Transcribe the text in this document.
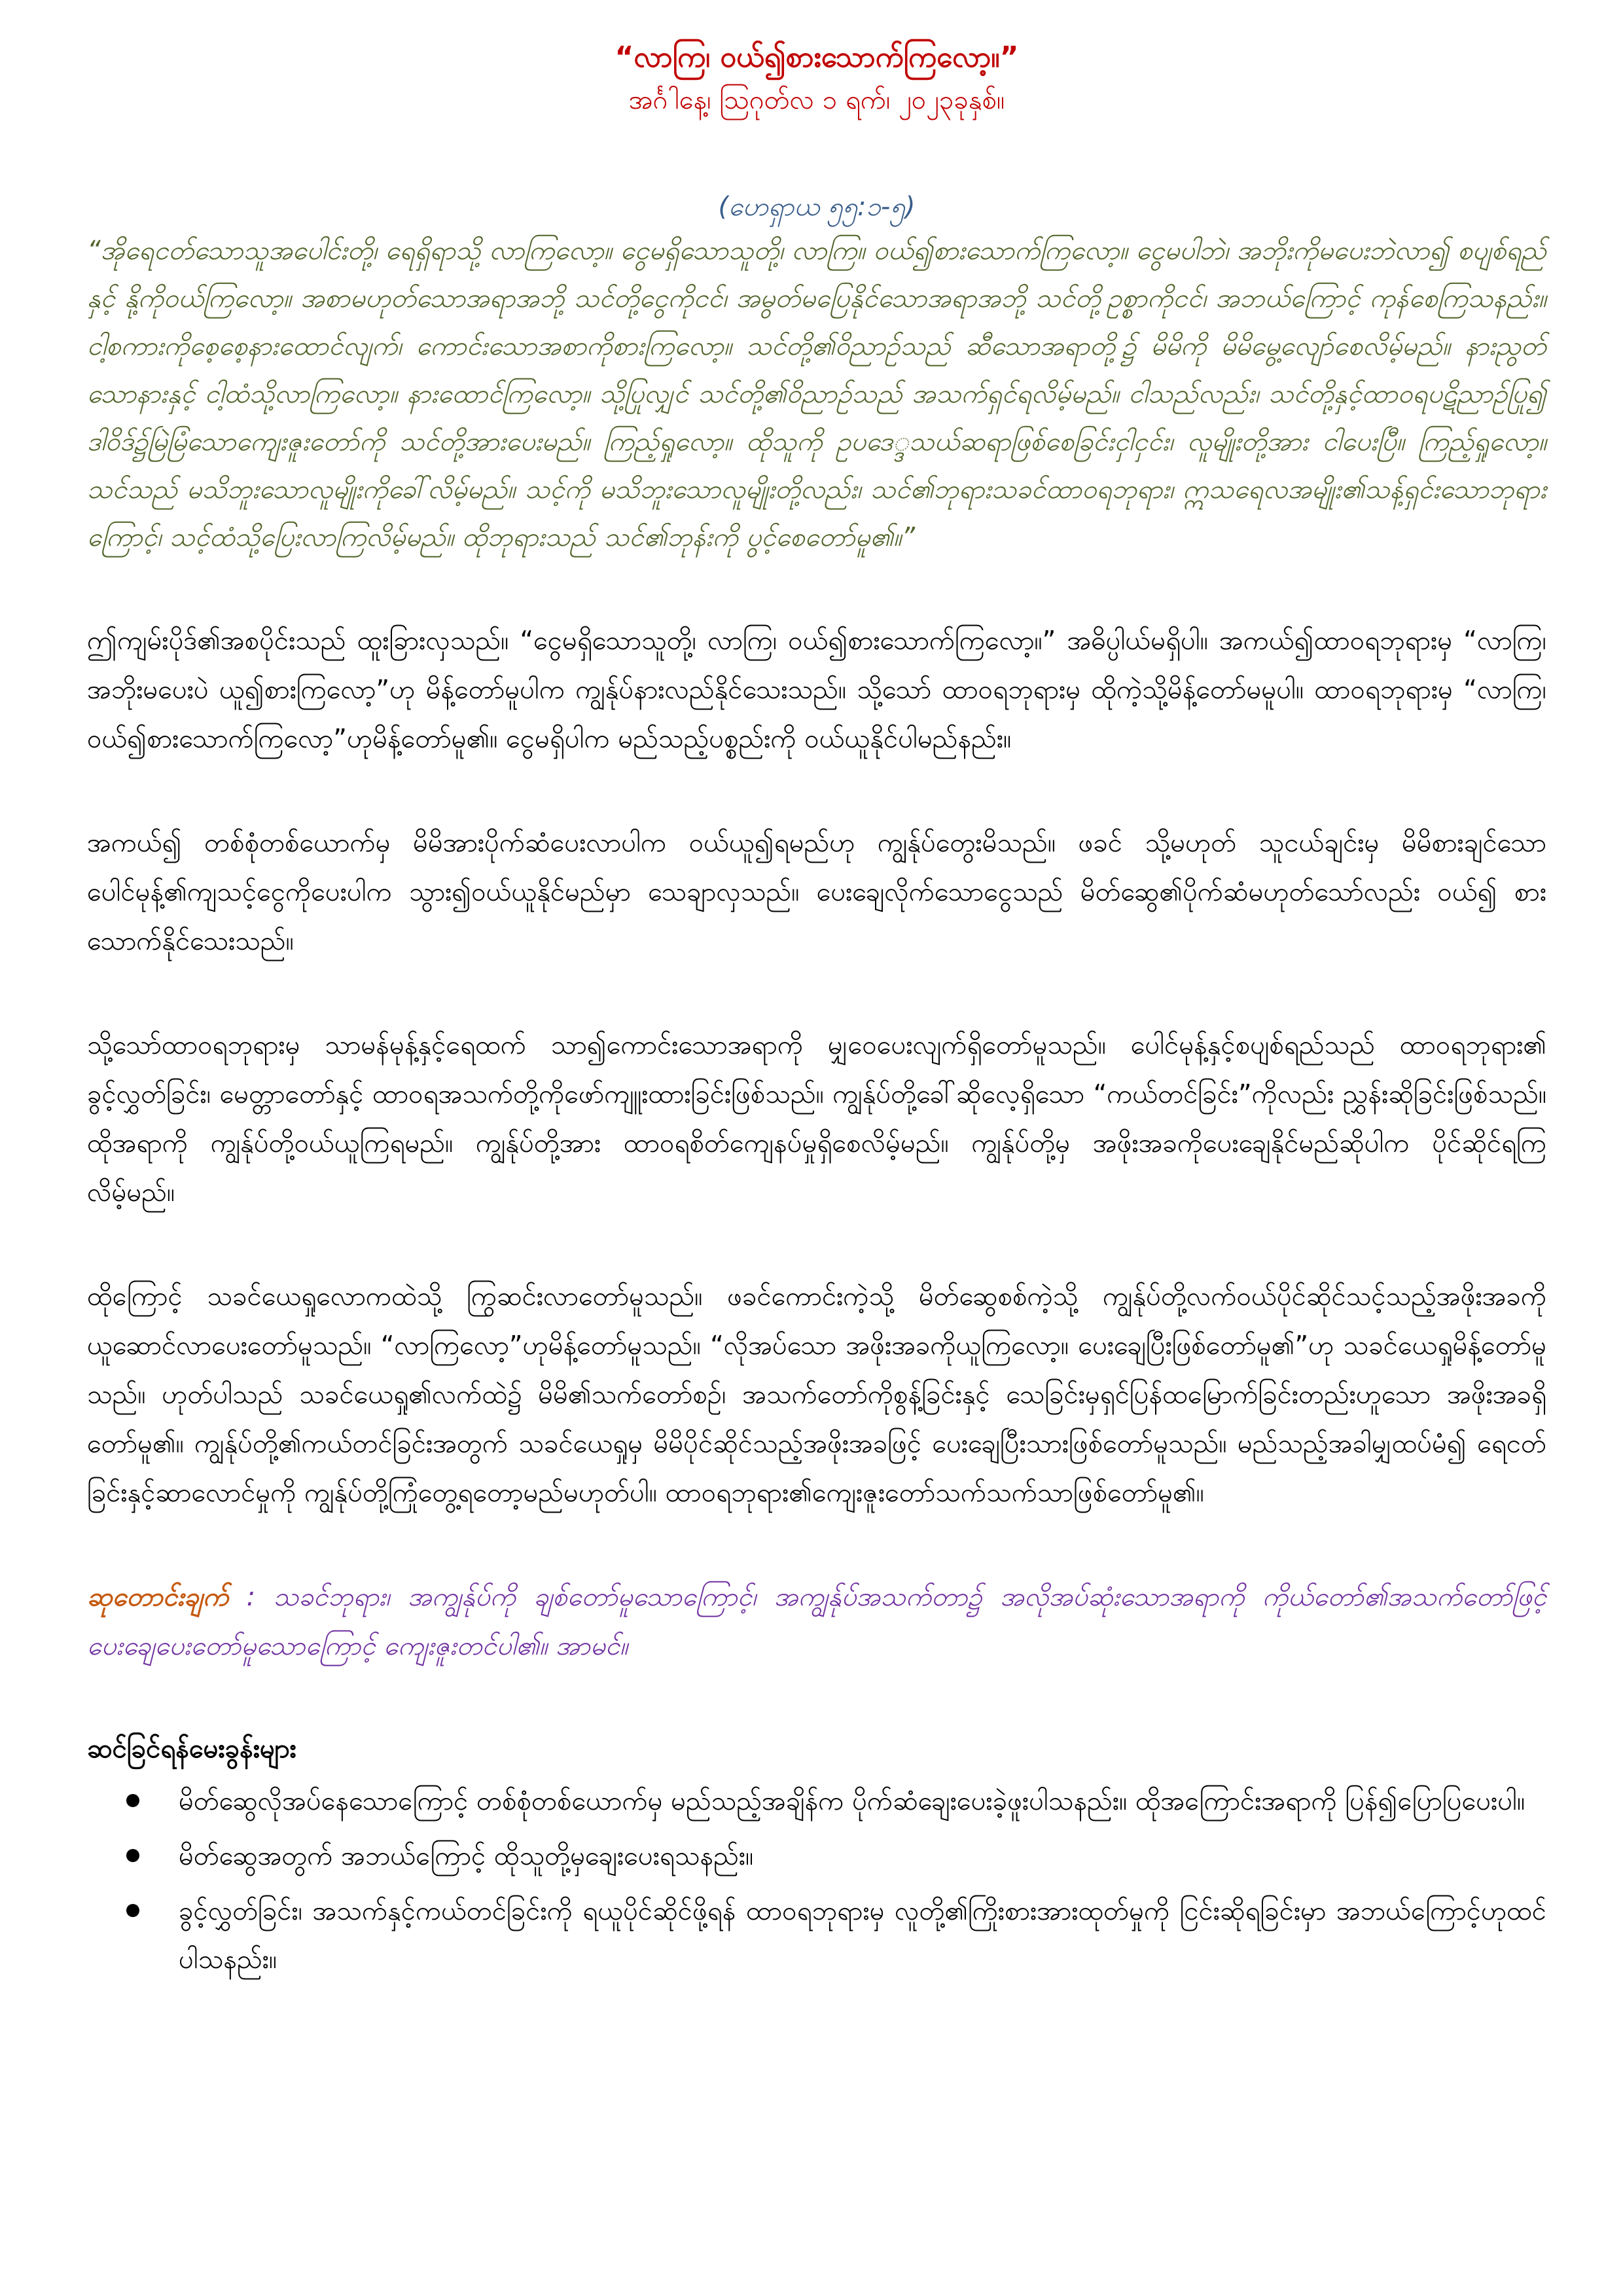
“လာကြ၊ ဝယ်၍စားသောက်ကြလော့။”

အင်္ဂါနေ့၊ ဩဂုတ်လ ၁ ရက်၊ ၂၀၂၃ခုနှစ်။

(ဟေရှာယ ၅၅:၁-၅)

“အိုရေငတ်သောသူအပေါင်းတို့၊ ရေရှိရာသို့ လာကြလော့။ ငွေမရှိသောသူတို့၊ လာကြ။ ဝယ်၍စားသောက်ကြလော့။ ငွေမပါဘဲ၊ အဘိုးကိုမပေးဘဲလာ၍ စပျစ်ရည်နှင့် နို့ကိုဝယ်ကြလော့။ အစာမဟုတ်သောအရာအဘို့ သင်တို့ငွေကိုငင်၊ အမွတ်မပြေနိုင်သောအရာအဘို့ သင်တို့ဥစ္စာကိုငင်၊ အဘယ်ကြောင့် ကုန်စေကြသနည်း။ ငါ့စကားကိုစေ့စေ့နားထောင်လျက်၊ ကောင်းသောအစာကိုစားကြလော့။ သင်တို့၏ဝိညာဉ်သည် ဆီသောအရာတို့၌ မိမိကို မိမိမွေ့လျော်စေလိမ့်မည်။ နားညွတ်သောနားနှင့် ငါ့ထံသို့လာကြလော့။ နားထောင်ကြလော့။ သို့ပြုလျှင် သင်တို့၏ဝိညာဉ်သည် အသက်ရှင်ရလိမ့်မည်။ ငါသည်လည်း၊ သင်တို့နှင့်ထာဝရပဋိညာဉ်ပြု၍ ဒါဝိဒ်၌မြဲမြံသောကျေးဇူးတော်ကို သင်တို့အားပေးမည်။ ကြည့်ရှုလော့။ ထိုသူကို ဥပဒေ္ဒသယ်ဆရာဖြစ်စေခြင်းငှါငှင်း၊ လူမျိုးတို့အား ငါပေးပြီ။ ကြည့်ရှုလော့။ သင်သည် မသိဘူးသောလူမျိုးကိုခေါ်လိမ့်မည်။ သင့်ကို မသိဘူးသောလူမျိုးတို့လည်း၊ သင်၏ဘုရားသခင်ထာဝရဘုရား၊ ဣသရေလအမျိုး၏သန့်ရှင်းသောဘုရားကြောင့်၊ သင့်ထံသို့ပြေးလာကြလိမ့်မည်။ ထိုဘုရားသည် သင်၏ဘုန်းကို ပွင့်စေတော်မူ၏။”

ဤကျမ်းပိုဒ်၏အစပိုင်းသည် ထူးခြားလှသည်။ “ငွေမရှိသောသူတို့၊ လာကြ၊ ဝယ်၍စားသောက်ကြလော့။” အဓိပ္ပါယ်မရှိပါ။ အကယ်၍ထာဝရဘုရားမှ “လာကြ၊ အဘိုးမပေးပဲ ယူ၍စားကြလော့”ဟု မိန့်တော်မူပါက ကျွန်ုပ်နားလည်နိုင်သေးသည်။ သို့သော် ထာဝရဘုရားမှ ထိုကဲ့သို့မိန့်တော်မမူပါ။ ထာဝရဘုရားမှ “လာကြ၊ ဝယ်၍စားသောက်ကြလော့”ဟုမိန့်တော်မူ၏။ ငွေမရှိပါက မည်သည့်ပစ္စည်းကို ဝယ်ယူနိုင်ပါမည်နည်း။

အကယ်၍ တစ်စုံတစ်ယောက်မှ မိမိအားပိုက်ဆံပေးလာပါက ဝယ်ယူ၍ရမည်ဟု ကျွန်ုပ်တွေးမိသည်။ ဖခင် သို့မဟုတ် သူငယ်ချင်းမှ မိမိစားချင်သော ပေါင်မုန့်၏ကျသင့်ငွေကိုပေးပါက သွား၍ဝယ်ယူနိုင်မည်မှာ သေချာလှသည်။ ပေးချေလိုက်သောငွေသည် မိတ်ဆွေ၏ပိုက်ဆံမဟုတ်သော်လည်း ဝယ်၍ စားသောက်နိုင်သေးသည်။

သို့သော်ထာဝရဘုရားမှ သာမန်မုန့်နှင့်ရေထက် သာ၍ကောင်းသောအရာကို မျှဝေပေးလျက်ရှိတော်မူသည်။ ပေါင်မုန့်နှင့်စပျစ်ရည်သည် ထာဝရဘုရား၏ ခွင့်လွှတ်ခြင်း၊ မေတ္တာတော်နှင့် ထာဝရအသက်တို့ကိုဖော်ကျူးထားခြင်းဖြစ်သည်။ ကျွန်ုပ်တို့ခေါ်ဆိုလေ့ရှိသော “ကယ်တင်ခြင်း”ကိုလည်း ညွှန်းဆိုခြင်းဖြစ်သည်။ ထိုအရာကို ကျွန်ုပ်တို့ဝယ်ယူကြရမည်။ ကျွန်ုပ်တို့အား ထာဝရစိတ်ကျေနပ်မှုရှိစေလိမ့်မည်။ ကျွန်ုပ်တို့မှ အဖိုးအခကိုပေးချေနိုင်မည်ဆိုပါက ပိုင်ဆိုင်ရကြလိမ့်မည်။

ထိုကြောင့် သခင်ယေရှုလောကထဲသို့ ကြွဆင်းလာတော်မူသည်။ ဖခင်ကောင်းကဲ့သို့ မိတ်ဆွေစစ်ကဲ့သို့ ကျွန်ုပ်တို့လက်ဝယ်ပိုင်ဆိုင်သင့်သည့်အဖိုးအခကို ယူဆောင်လာပေးတော်မူသည်။ “လာကြလော့”ဟုမိန့်တော်မူသည်။ “လိုအပ်သော အဖိုးအခကိုယူကြလော့။ ပေးချေပြီးဖြစ်တော်မူ၏”ဟု သခင်ယေရှုမိန့်တော်မူသည်။ ဟုတ်ပါသည် သခင်ယေရှု၏လက်ထဲ၌ မိမိ၏သက်တော်စဉ်၊ အသက်တော်ကိုစွန့်ခြင်းနှင့် သေခြင်းမှရှင်ပြန်ထမြောက်ခြင်းတည်းဟူသော အဖိုးအခရှိတော်မူ၏။ ကျွန်ုပ်တို့၏ကယ်တင်ခြင်းအတွက် သခင်ယေရှုမှ မိမိပိုင်ဆိုင်သည့်အဖိုးအခဖြင့် ပေးချေပြီးသားဖြစ်တော်မူသည်။ မည်သည့်အခါမျှထပ်မံ၍ ရေငတ်ခြင်းနှင့်ဆာလောင်မှုကို ကျွန်ုပ်တို့ကြုံတွေ့ရတော့မည်မဟုတ်ပါ။ ထာဝရဘုရား၏ကျေးဇူးတော်သက်သက်သာဖြစ်တော်မူ၏။

ဆုတောင်းချက် : သခင်ဘုရား၊ အကျွန်ုပ်ကို ချစ်တော်မူသောကြောင့်၊ အကျွန်ုပ်အသက်တာ၌ အလိုအပ်ဆုံးသောအရာကို ကိုယ်တော်၏အသက်တော်ဖြင့် ပေးချေပေးတော်မူသောကြောင့် ကျေးဇူးတင်ပါ၏။ အာမင်။

ဆင်ခြင်ရန်မေးခွန်းများ
မိတ်ဆွေလိုအပ်နေသောကြောင့် တစ်စုံတစ်ယောက်မှ မည်သည့်အချိန်က ပိုက်ဆံချေးပေးခဲ့ဖူးပါသနည်း။ ထိုအကြောင်းအရာကို ပြန်၍ပြောပြပေးပါ။
မိတ်ဆွေအတွက် အဘယ်ကြောင့် ထိုသူတို့မှချေးပေးရသနည်း။
ခွင့်လွှတ်ခြင်း၊ အသက်နှင့်ကယ်တင်ခြင်းကို ရယူပိုင်ဆိုင်ဖို့ရန် ထာဝရဘုရားမှ လူတို့၏ကြိုးစားအားထုတ်မှုကို ငြင်းဆိုရခြင်းမှာ အဘယ်ကြောင့်ဟုထင်ပါသနည်း။
